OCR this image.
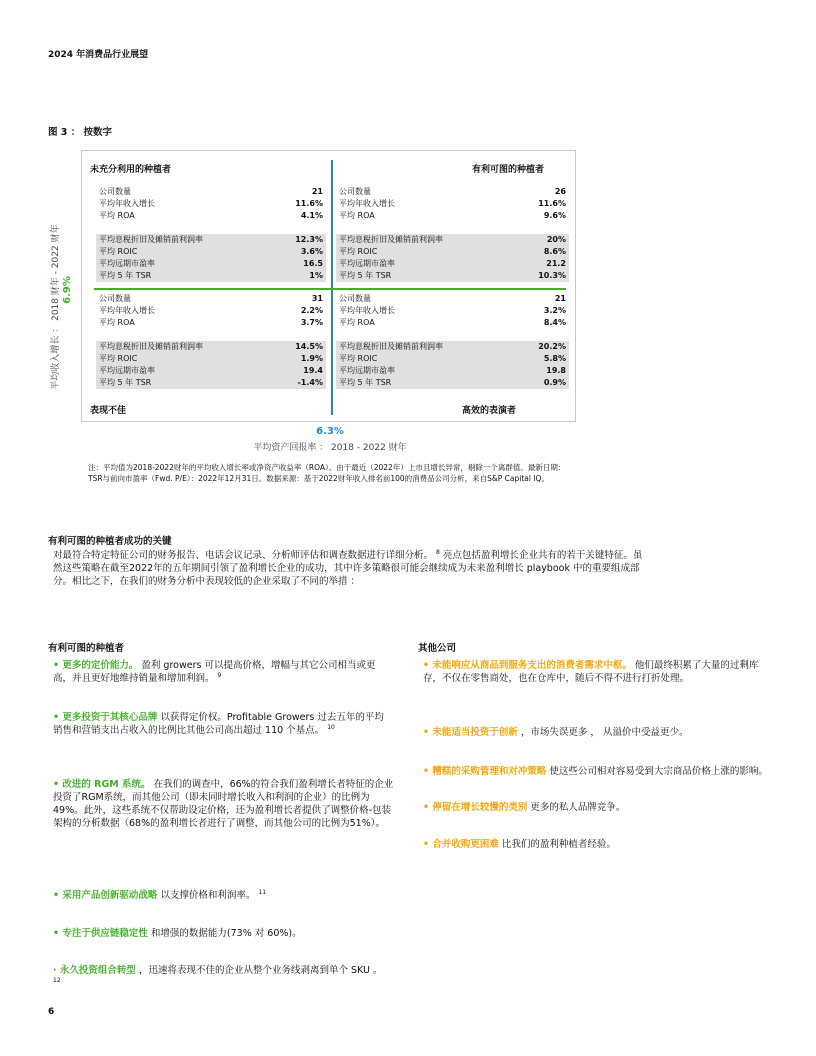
2024 年消费品行业展望
图 3 ： 按数字
未充分利用的种植者	有利可图的种植者
表现不佳	高效的表演者
公司数量	21
平均年收入增长	11.6%
平均 ROA	4.1%
平均息税折旧及摊销前利润率	12.3%
平均 ROIC	3.6%
平均远期市盈率	16.5
平均 5 年 TSR	1%
公司数量	26
平均年收入增长	11.6%
平均 ROA	9.6%
平均息税折旧及摊销前利润率	20%
平均 ROIC	8.6%
平均远期市盈率	21.2
平均 5 年 TSR	10.3%
公司数量	31
平均年收入增长	2.2%
平均 ROA	3.7%
平均息税折旧及摊销前利润率	14.5%
平均 ROIC	1.9%
平均远期市盈率	19.4
平均 5 年 TSR	-1.4%
公司数量	21
平均年收入增长	3.2%
平均 ROA	8.4%
平均息税折旧及摊销前利润率	20.2%
平均 ROIC	5.8%
平均远期市盈率	19.8
平均 5 年 TSR	0.9%
平均收入增长 ： 2018 财年 - 2022 财年 6.9%
6.3%
平均资产回报率 ： 2018 - 2022 财年
注：平均值为2018-2022财年的平均收入增长率或净资产收益率（ROA）。由于最近（2022年）上市且增长异常，剔除一个离群值。最新日期：TSR与前向市盈率（Fwd. P/E）：2022年12月31日。数据来源：基于2022财年收入排名前100的消费品公司分析，来自S&P Capital IQ。
有利可图的种植者成功的关键
对最符合特定特征公司的财务报告、电话会议记录、分析师评估和调查数据进行详细分析。 $^8$ 亮点包括盈利增长企业共有的若干关键特征。虽然这些策略在截至2022年的五年期间引领了盈利增长企业的成功，其中许多策略很可能会继续成为未来盈利增长 playbook 中的重要组成部分。相比之下，在我们的财务分析中表现较低的企业采取了不同的举措 ：
有利可图的种植者	其他公司
• 更多的定价能力。 盈利 growers 可以提高价格，增幅与其它公司相当或更高，并且更好地维持销量和增加利润。 $^9$
• 更多投资于其核心品牌 以获得定价权。Profitable Growers 过去五年的平均销售和营销支出占收入的比例比其他公司高出超过 110 个基点。 $^{10}$
• 改进的 RGM 系统。 在我们的调查中，66%的符合我们盈利增长者特征的企业投资了RGM系统，而其他公司（即未同时增长收入和利润的企业）的比例为49%。此外，这些系统不仅帮助设定价格，还为盈利增长者提供了调整价格-包装架构的分析数据（68%的盈利增长者进行了调整，而其他公司的比例为51%）。
• 采用产品创新驱动战略 以支撑价格和利润率。 $^{11}$
• 专注于供应链稳定性 和增强的数据能力(73% 对 60%)。
· 永久投资组合转型 ，迅速将表现不佳的企业从整个业务线剥离到单个 SKU 。 $^{12}$
• 未能响应从商品到服务支出的消费者需求中枢。 他们最终积累了大量的过剩库存，不仅在零售商处，也在仓库中，随后不得不进行打折处理。
• 未能适当投资于创新 ，市场失误更多 ， 从溢价中受益更少。
• 糟糕的采购管理和对冲策略 使这些公司相对容易受到大宗商品价格上涨的影响。
• 停留在增长较慢的类别 更多的私人品牌竞争。
• 合并收购更困难 比我们的盈利种植者经验。
6
